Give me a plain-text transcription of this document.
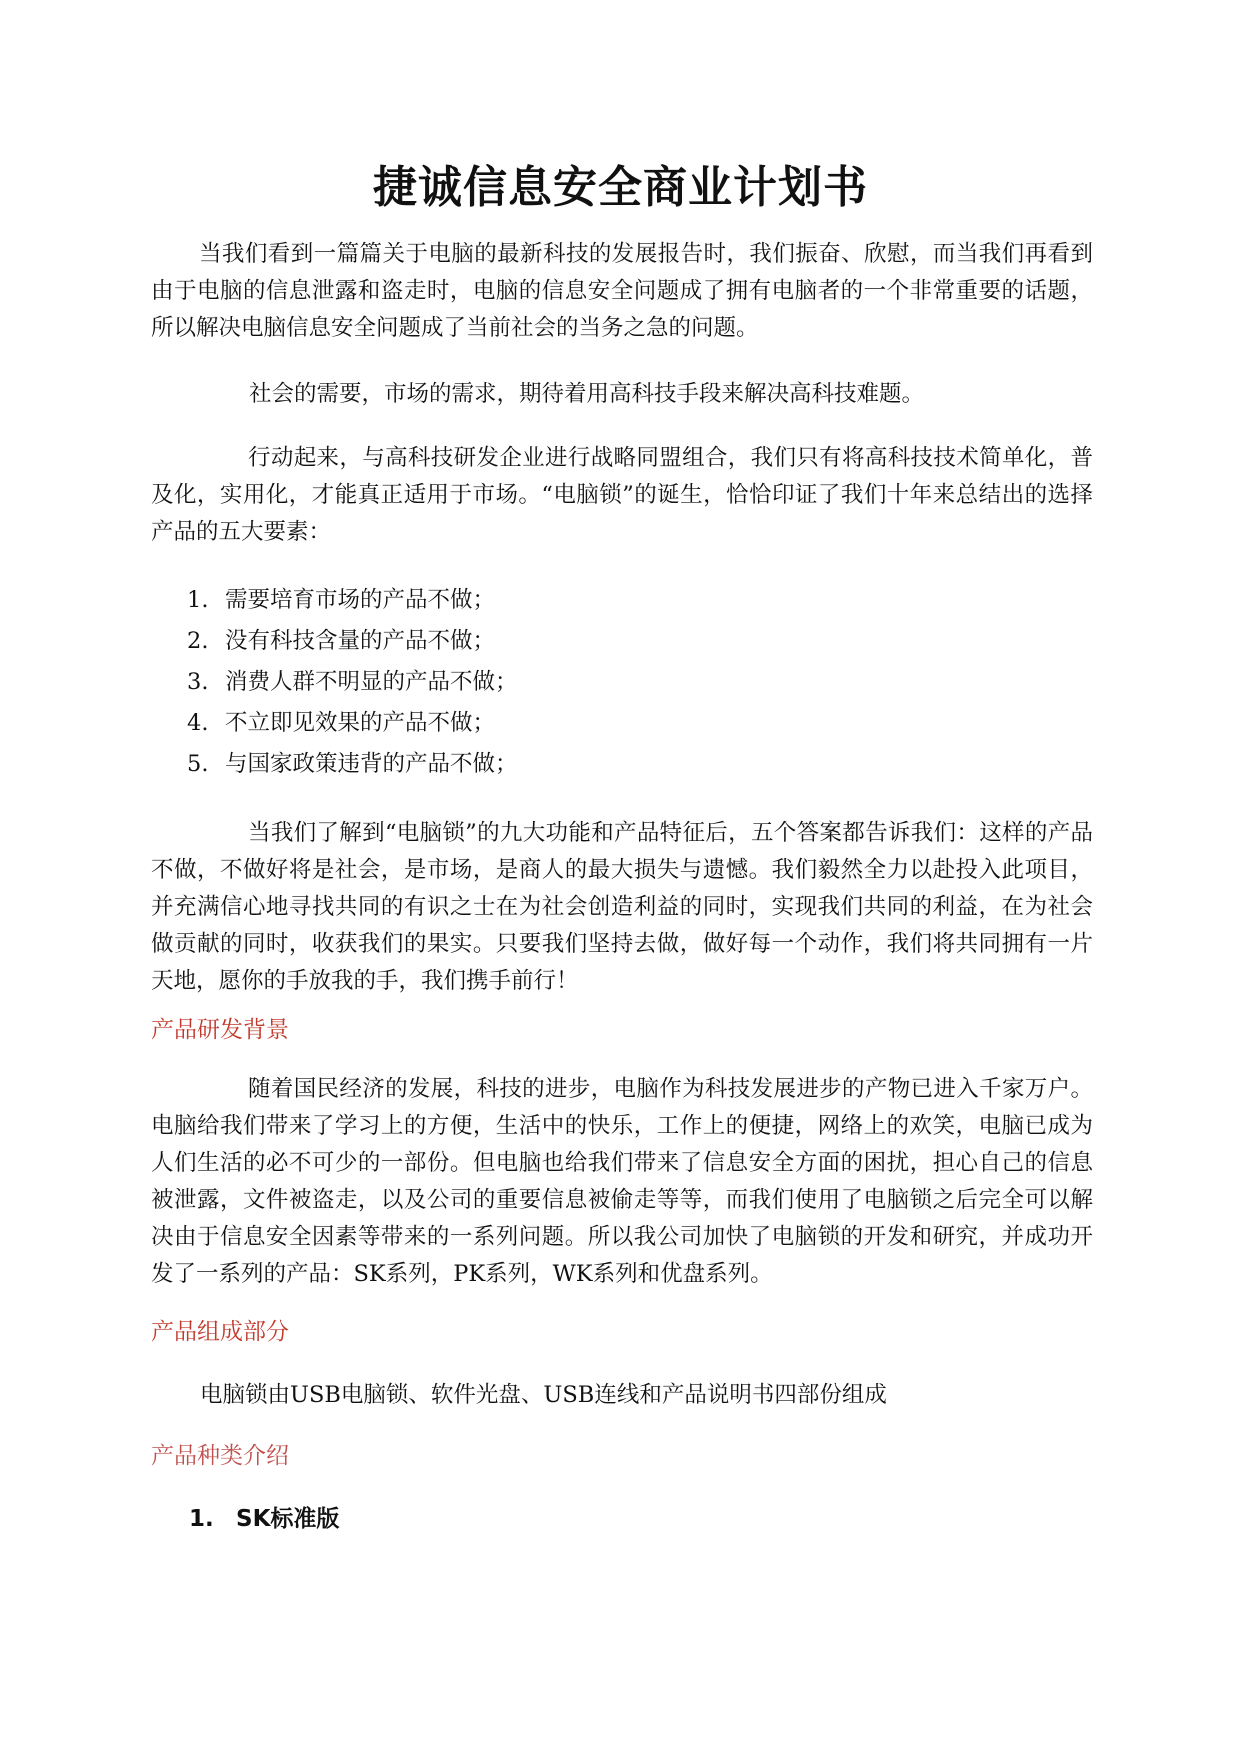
捷诚信息安全商业计划书

当我们看到一篇篇关于电脑的最新科技的发展报告时，我们振奋、欣慰，而当我们再看到由于电脑的信息泄露和盗走时，电脑的信息安全问题成了拥有电脑者的一个非常重要的话题，所以解决电脑信息安全问题成了当前社会的当务之急的问题。

社会的需要，市场的需求，期待着用高科技手段来解决高科技难题。

行动起来，与高科技研发企业进行战略同盟组合，我们只有将高科技技术简单化，普及化，实用化，才能真正适用于市场。“电脑锁”的诞生，恰恰印证了我们十年来总结出的选择产品的五大要素：

1. 需要培育市场的产品不做；
2. 没有科技含量的产品不做；
3. 消费人群不明显的产品不做；
4. 不立即见效果的产品不做；
5. 与国家政策违背的产品不做；

当我们了解到“电脑锁”的九大功能和产品特征后，五个答案都告诉我们：这样的产品不做，不做好将是社会，是市场，是商人的最大损失与遗憾。我们毅然全力以赴投入此项目，并充满信心地寻找共同的有识之士在为社会创造利益的同时，实现我们共同的利益，在为社会做贡献的同时，收获我们的果实。只要我们坚持去做，做好每一个动作，我们将共同拥有一片天地，愿你的手放我的手，我们携手前行！

产品研发背景

随着国民经济的发展，科技的进步，电脑作为科技发展进步的产物已进入千家万户。电脑给我们带来了学习上的方便，生活中的快乐，工作上的便捷，网络上的欢笑，电脑已成为人们生活的必不可少的一部份。但电脑也给我们带来了信息安全方面的困扰，担心自己的信息被泄露，文件被盗走，以及公司的重要信息被偷走等等，而我们使用了电脑锁之后完全可以解决由于信息安全因素等带来的一系列问题。所以我公司加快了电脑锁的开发和研究，并成功开发了一系列的产品：SK系列，PK系列，WK系列和优盘系列。

产品组成部分
电脑锁由USB电脑锁、软件光盘、USB连线和产品说明书四部份组成
产品种类介绍
1. SK标准版
